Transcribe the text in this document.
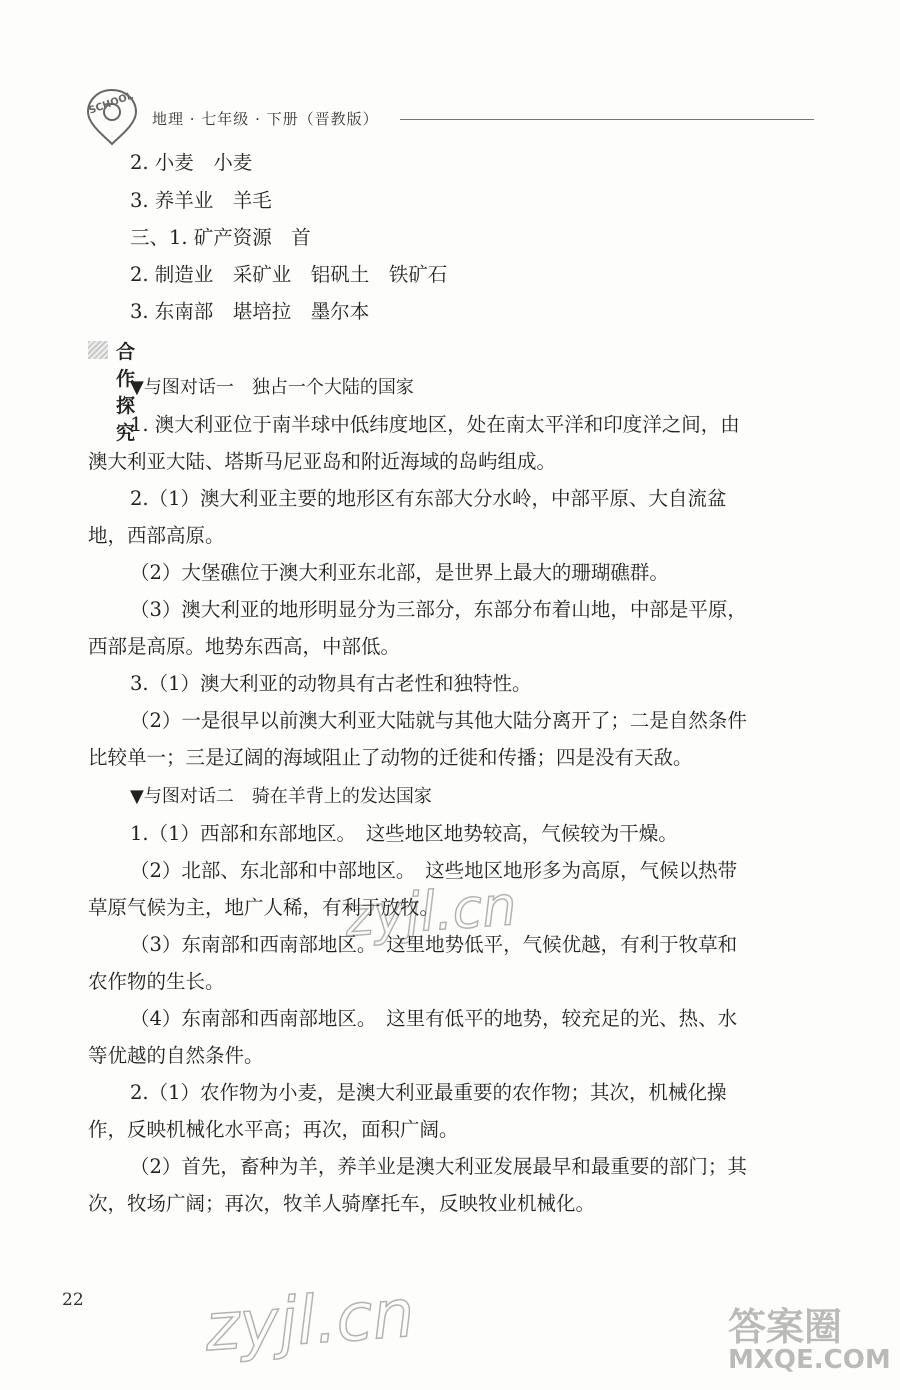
SCHOOL
地理 · 七年级 · 下册（晋教版）
2. 小麦　小麦
3. 养羊业　羊毛
三、1. 矿产资源　首
2. 制造业　采矿业　铝矾土　铁矿石
3. 东南部　堪培拉　墨尔本
合作探究
▼与图对话一　独占一个大陆的国家
1. 澳大利亚位于南半球中低纬度地区，处在南太平洋和印度洋之间，由
澳大利亚大陆、塔斯马尼亚岛和附近海域的岛屿组成。
2.（1）澳大利亚主要的地形区有东部大分水岭，中部平原、大自流盆
地，西部高原。
（2）大堡礁位于澳大利亚东北部，是世界上最大的珊瑚礁群。
（3）澳大利亚的地形明显分为三部分，东部分布着山地，中部是平原，
西部是高原。地势东西高，中部低。
3.（1）澳大利亚的动物具有古老性和独特性。
（2）一是很早以前澳大利亚大陆就与其他大陆分离开了；二是自然条件
比较单一；三是辽阔的海域阻止了动物的迁徙和传播；四是没有天敌。
▼与图对话二　骑在羊背上的发达国家
1.（1）西部和东部地区。　这些地区地势较高，气候较为干燥。
（2）北部、东北部和中部地区。　这些地区地形多为高原，气候以热带
草原气候为主，地广人稀，有利于放牧。
（3）东南部和西南部地区。　这里地势低平，气候优越，有利于牧草和
农作物的生长。
（4）东南部和西南部地区。　这里有低平的地势，较充足的光、热、水
等优越的自然条件。
2.（1）农作物为小麦，是澳大利亚最重要的农作物；其次，机械化操
作，反映机械化水平高；再次，面积广阔。
（2）首先，畜种为羊，养羊业是澳大利亚发展最早和最重要的部门；其
次，牧场广阔；再次，牧羊人骑摩托车，反映牧业机械化。
22
zyjl.cn
zyjl.cn	答案圈
MXQE.COM
